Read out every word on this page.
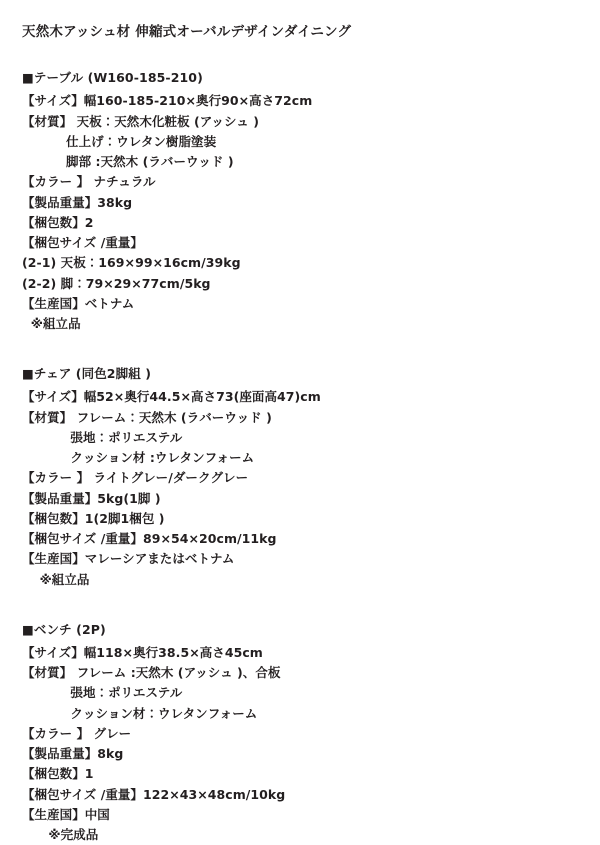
天然木アッシュ材 伸縮式オーバルデザインダイニング
■テーブル (W160-185-210)
【サイズ】幅160-185-210×奥行90×高さ72cm
【材質】 天板：天然木化粧板 (アッシュ )
仕上げ：ウレタン樹脂塗装
脚部 :天然木 (ラバーウッド )
【カラー 】 ナチュラル
【製品重量】38kg
【梱包数】2
【梱包サイズ /重量】
(2-1) 天板：169×99×16cm/39kg
(2-2) 脚：79×29×77cm/5kg
【生産国】ベトナム
※組立品
■チェア (同色2脚組 )
【サイズ】幅52×奥行44.5×高さ73(座面高47)cm
【材質】 フレーム：天然木 (ラバーウッド )
張地：ポリエステル
クッション材 :ウレタンフォーム
【カラー 】 ライトグレー/ダークグレー
【製品重量】5kg(1脚 )
【梱包数】1(2脚1梱包 )
【梱包サイズ /重量】89×54×20cm/11kg
【生産国】マレーシアまたはベトナム
※組立品
■ベンチ (2P)
【サイズ】幅118×奥行38.5×高さ45cm
【材質】 フレーム :天然木 (アッシュ )、合板
張地：ポリエステル
クッション材：ウレタンフォーム
【カラー 】 グレー
【製品重量】8kg
【梱包数】1
【梱包サイズ /重量】122×43×48cm/10kg
【生産国】中国
※完成品
